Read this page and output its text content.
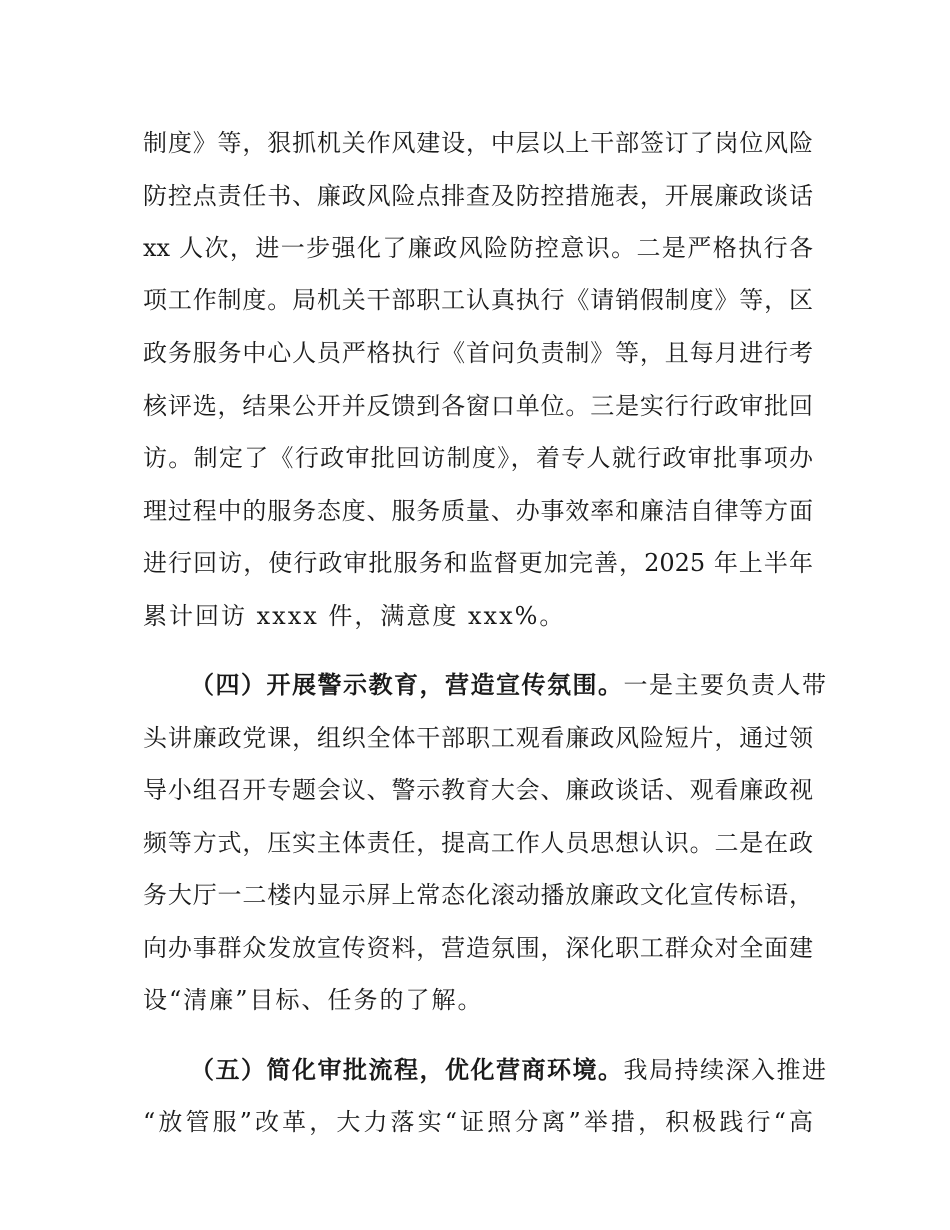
制度》等，狠抓机关作风建设，中层以上干部签订了岗位风险
防控点责任书、廉政风险点排查及防控措施表，开展廉政谈话
xx 人次，进一步强化了廉政风险防控意识。二是严格执行各
项工作制度。局机关干部职工认真执行《请销假制度》等，区
政务服务中心人员严格执行《首问负责制》等，且每月进行考
核评选，结果公开并反馈到各窗口单位。三是实行行政审批回
访。制定了《行政审批回访制度》，着专人就行政审批事项办
理过程中的服务态度、服务质量、办事效率和廉洁自律等方面
进行回访，使行政审批服务和监督更加完善，2025 年上半年
累计回访 xxxx 件，满意度 xxx%。
（四）开展警示教育，营造宣传氛围。一是主要负责人带
头讲廉政党课，组织全体干部职工观看廉政风险短片，通过领
导小组召开专题会议、警示教育大会、廉政谈话、观看廉政视
频等方式，压实主体责任，提高工作人员思想认识。二是在政
务大厅一二楼内显示屏上常态化滚动播放廉政文化宣传标语，
向办事群众发放宣传资料，营造氛围，深化职工群众对全面建
设“清廉”目标、任务的了解。
（五）简化审批流程，优化营商环境。我局持续深入推进
“放管服”改革，大力落实“证照分离”举措，积极践行“高
